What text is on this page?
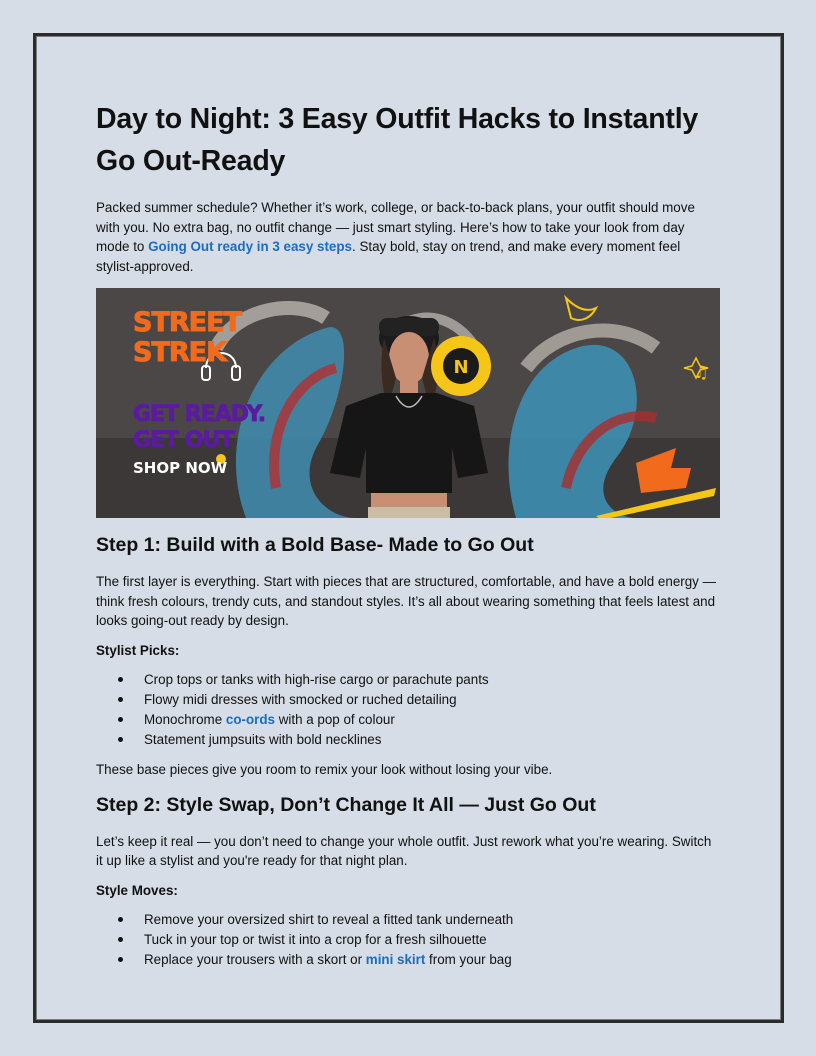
Day to Night: 3 Easy Outfit Hacks to Instantly Go Out-Ready

Packed summer schedule? Whether it’s work, college, or back-to-back plans, your outfit should move with you. No extra bag, no outfit change — just smart styling. Here’s how to take your look from day mode to Going Out ready in 3 easy steps. Stay bold, stay on trend, and make every moment feel stylist-approved.

N	♫
STREET
STREK
GET READY.
GET OUT
SHOP NOW
Step 1: Build with a Bold Base- Made to Go Out

The first layer is everything. Start with pieces that are structured, comfortable, and have a bold energy — think fresh colours, trendy cuts, and standout styles. It’s all about wearing something that feels latest and looks going-out ready by design.

Stylist Picks:
Crop tops or tanks with high-rise cargo or parachute pants
Flowy midi dresses with smocked or ruched detailing
Monochrome co-ords with a pop of colour
Statement jumpsuits with bold necklines

These base pieces give you room to remix your look without losing your vibe.

Step 2: Style Swap, Don’t Change It All — Just Go Out

Let’s keep it real — you don’t need to change your whole outfit. Just rework what you’re wearing. Switch it up like a stylist and you're ready for that night plan.

Style Moves:
Remove your oversized shirt to reveal a fitted tank underneath
Tuck in your top or twist it into a crop for a fresh silhouette
Replace your trousers with a skort or mini skirt from your bag
